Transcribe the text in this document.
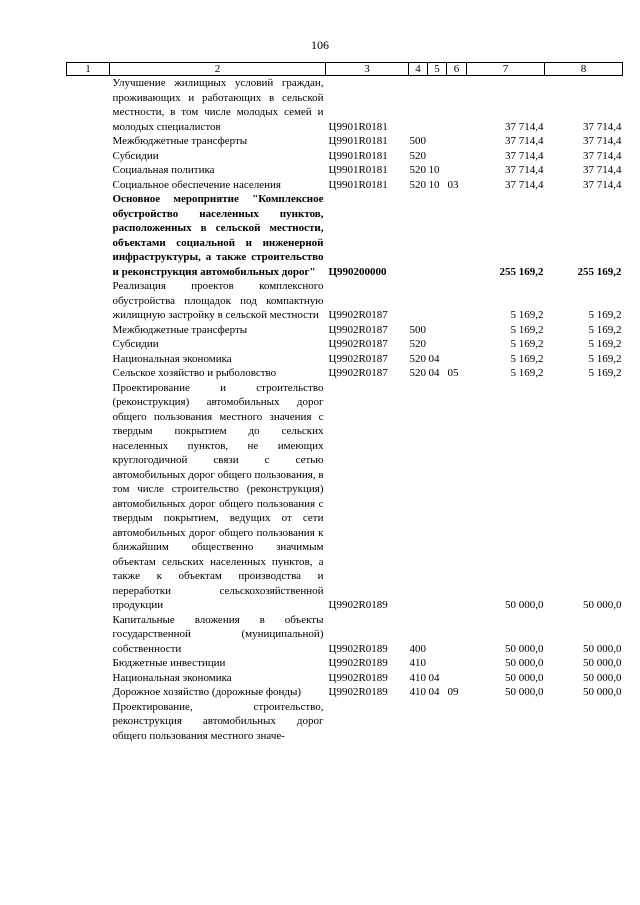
106
1	2	3	4	5	6	7	8
	Улучшение жилищных условий граждан, проживающих и работающих в сельской местности, в том числе молодых семей и молодых специалистов	Ц9901R0181				37 714,4	37 714,4
	Межбюджетные трансферты	Ц9901R0181	500			37 714,4	37 714,4
	Субсидии	Ц9901R0181	520			37 714,4	37 714,4
	Социальная политика	Ц9901R0181	520	10		37 714,4	37 714,4
	Социальное обеспечение населения	Ц9901R0181	520	10	03	37 714,4	37 714,4
	Основное мероприятие "Комплексное обустройство населенных пунктов, расположенных в сельской местности, объектами социальной и инженерной инфраструктуры, а также строительство и реконструкция автомобильных дорог"	Ц990200000				255 169,2	255 169,2
	Реализация проектов комплексного обустройства площадок под компактную жилищную застройку в сельской местности	Ц9902R0187				5 169,2	5 169,2
	Межбюджетные трансферты	Ц9902R0187	500			5 169,2	5 169,2
	Субсидии	Ц9902R0187	520			5 169,2	5 169,2
	Национальная экономика	Ц9902R0187	520	04		5 169,2	5 169,2
	Сельское хозяйство и рыболовство	Ц9902R0187	520	04	05	5 169,2	5 169,2
	Проектирование и строительство (реконструкция) автомобильных дорог общего пользования местного значения с твердым покрытием до сельских населенных пунктов, не имеющих круглогодичной связи с сетью автомобильных дорог общего пользования, в том числе строительство (реконструкция) автомобильных дорог общего пользования с твердым покрытием, ведущих от сети автомобильных дорог общего пользования к ближайшим общественно значимым объектам сельских населенных пунктов, а также к объектам производства и переработки сельскохозяйственной продукции	Ц9902R0189				50 000,0	50 000,0
	Капитальные вложения в объекты государственной (муниципальной) собственности	Ц9902R0189	400			50 000,0	50 000,0
	Бюджетные инвестиции	Ц9902R0189	410			50 000,0	50 000,0
	Национальная экономика	Ц9902R0189	410	04		50 000,0	50 000,0
	Дорожное хозяйство (дорожные фонды)	Ц9902R0189	410	04	09	50 000,0	50 000,0
	Проектирование, строительство, реконструкция автомобильных дорог общего пользования местного значе-						
